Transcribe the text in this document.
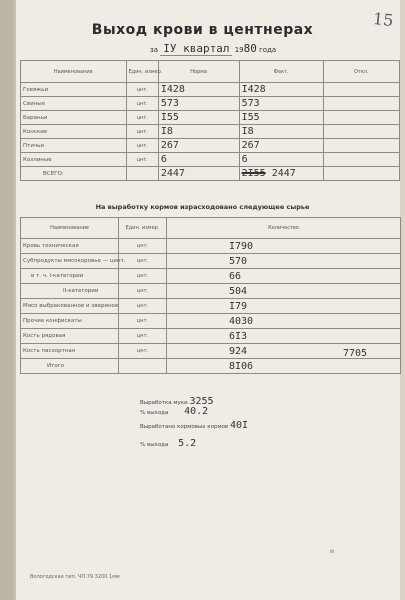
15
Выход крови в центнерах
за IУ квартал 1980 года
Наименование	Един. измер.	Норма	Факт.	Откл.
Говяжьи	цнт.	I428	I428	
Свиные	цнт.	573	573	
Бараньи	цнт.	I55	I55	
Конские	цнт.	I8	I8	
Птичьи	цнт.	267	267	
Козлиные	цнт.	6	6	
ВСЕГО:		2447	2I55 2447	
На выработку кормов израсходовано следующее сырье
Наименование	Един. измер.	Количество
Кровь техническая	цнт.	I790
Субпродукты мясокоровье — цент.	цнт.	570
в т. ч. I-категории	цнт.	66
II-категории	цнт.	504
Мясо выбракованное и звериное	цнт.	I79
Прочие конфискаты	цнт.	4030
Кость рядовая	цнт.	6I3
Кость пасхортная	цнт.	924
Итого		8I06
7705
Выработка муки 3255
% выхода 40.2
Выработано кормовых кормов 40I
% выхода 5.2
и
Вологодская тип. ЧП.79 3200 1мм
